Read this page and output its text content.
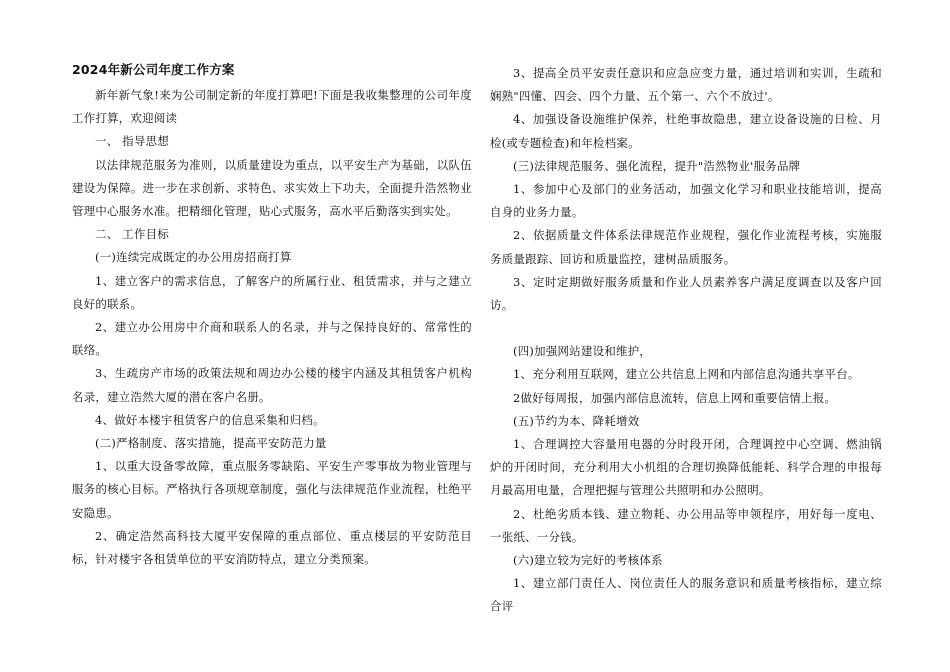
2024年新公司年度工作方案
新年新气象!来为公司制定新的年度打算吧!下面是我收集整理的公司年度工作打算，欢迎阅读
一、 指导思想
以法律规范服务为准则，以质量建设为重点，以平安生产为基础，以队伍建设为保障。进一步在求创新、求特色、求实效上下功夫，全面提升浩然物业管理中心服务水准。把精细化管理，贴心式服务，高水平后勤落实到实处。
二、 工作目标
(一)连续完成既定的办公用房招商打算
1、建立客户的需求信息，了解客户的所属行业、租赁需求，并与之建立良好的联系。
2、建立办公用房中介商和联系人的名录，并与之保持良好的、常常性的联络。
3、生疏房产市场的政策法规和周边办公楼的楼宇内涵及其租赁客户机构名录，建立浩然大厦的潜在客户名册。
4、做好本楼宇租赁客户的信息采集和归档。
(二)严格制度、落实措施，提高平安防范力量
1、以重大设备零故障，重点服务零缺陷、平安生产零事故为物业管理与服务的核心目标。严格执行各项规章制度，强化与法律规范作业流程，杜绝平安隐患。
2、确定浩然高科技大厦平安保障的重点部位、重点楼层的平安防范目标，针对楼宇各租赁单位的平安消防特点，建立分类预案。
3、提高全员平安责任意识和应急应变力量，通过培训和实训，生疏和娴熟"四懂、四会、四个力量、五个第一、六个不放过'。
4、加强设备设施维护保养，杜绝事故隐患，建立设备设施的日检、月检(或专题检查)和年检档案。
(三)法律规范服务、强化流程，提升"浩然物业'服务品牌
1、参加中心及部门的业务活动，加强文化学习和职业技能培训，提高自身的业务力量。
2、依据质量文件体系法律规范作业规程，强化作业流程考核，实施服务质量跟踪、回访和质量监控，建树品质服务。
3、定时定期做好服务质量和作业人员素养客户满足度调查以及客户回访。
(四)加强网站建设和维护，
1、充分利用互联网，建立公共信息上网和内部信息沟通共享平台。
2做好每周报，加强内部信息流转，信息上网和重要信情上报。
(五)节约为本、降耗增效
1、合理调控大容量用电器的分时段开闭，合理调控中心空调、燃油锅炉的开闭时间，充分利用大小机组的合理切换降低能耗、科学合理的申报每月最高用电量，合理把握与管理公共照明和办公照明。
2、杜绝劣质本钱、建立物耗、办公用品等申领程序，用好每一度电、一张纸、一分钱。
(六)建立较为完好的考核体系
1、建立部门责任人、岗位责任人的服务意识和质量考核指标，建立综合评
